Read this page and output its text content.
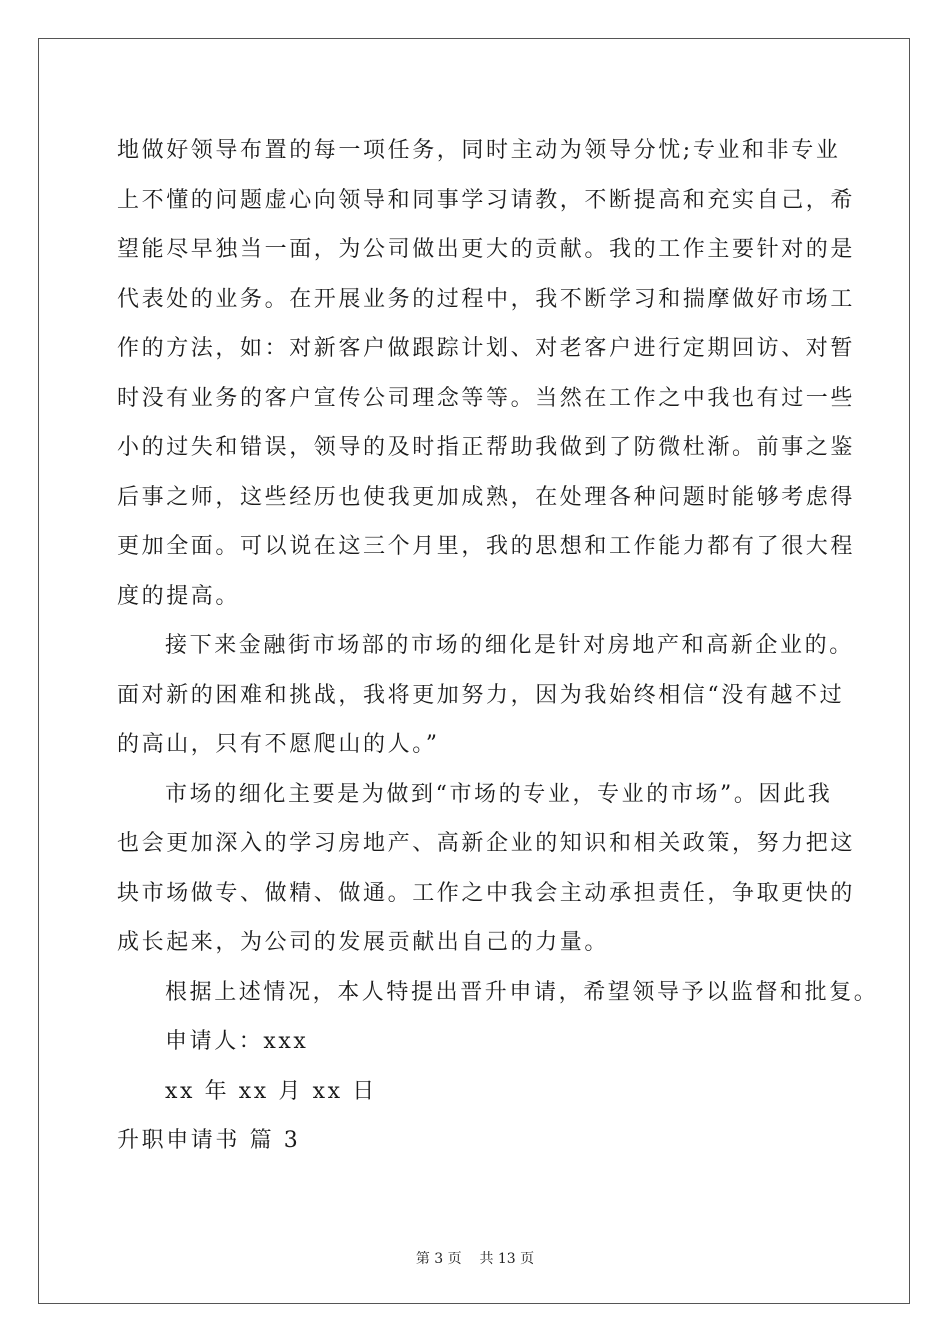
地做好领导布置的每一项任务，同时主动为领导分忧;专业和非专业
上不懂的问题虚心向领导和同事学习请教，不断提高和充实自己，希
望能尽早独当一面，为公司做出更大的贡献。我的工作主要针对的是
代表处的业务。在开展业务的过程中，我不断学习和揣摩做好市场工
作的方法，如：对新客户做跟踪计划、对老客户进行定期回访、对暂
时没有业务的客户宣传公司理念等等。当然在工作之中我也有过一些
小的过失和错误，领导的及时指正帮助我做到了防微杜渐。前事之鉴
后事之师，这些经历也使我更加成熟，在处理各种问题时能够考虑得
更加全面。可以说在这三个月里，我的思想和工作能力都有了很大程
度的提高。
接下来金融街市场部的市场的细化是针对房地产和高新企业的。
面对新的困难和挑战，我将更加努力，因为我始终相信“没有越不过
的高山，只有不愿爬山的人。”
市场的细化主要是为做到“市场的专业，专业的市场”。因此我
也会更加深入的学习房地产、高新企业的知识和相关政策，努力把这
块市场做专、做精、做通。工作之中我会主动承担责任，争取更快的
成长起来，为公司的发展贡献出自己的力量。
根据上述情况，本人特提出晋升申请，希望领导予以监督和批复。
申请人：xxx
xx 年 xx 月 xx 日
升职申请书 篇 3
第 3 页 共 13 页
